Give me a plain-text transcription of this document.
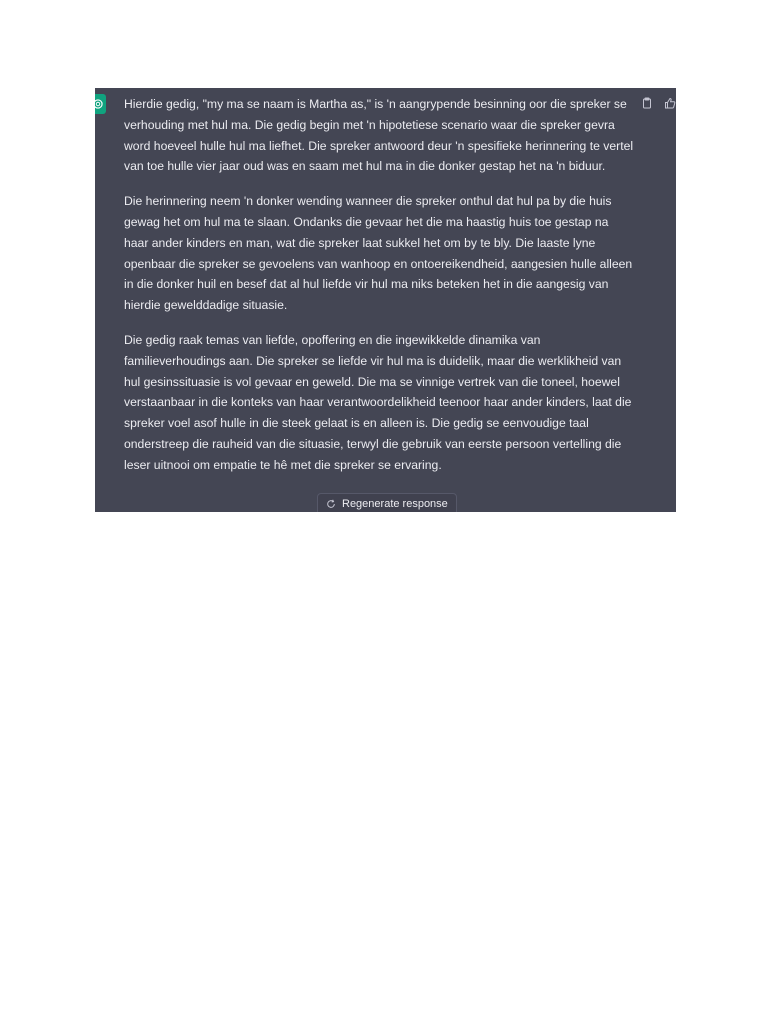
Hierdie gedig, "my ma se naam is Martha as," is 'n aangrypende besinning oor die spreker se verhouding met hul ma. Die gedig begin met 'n hipotetiese scenario waar die spreker gevra word hoeveel hulle hul ma liefhet. Die spreker antwoord deur 'n spesifieke herinnering te vertel van toe hulle vier jaar oud was en saam met hul ma in die donker gestap het na 'n biduur.

Die herinnering neem 'n donker wending wanneer die spreker onthul dat hul pa by die huis gewag het om hul ma te slaan. Ondanks die gevaar het die ma haastig huis toe gestap na haar ander kinders en man, wat die spreker laat sukkel het om by te bly. Die laaste lyne openbaar die spreker se gevoelens van wanhoop en ontoereikendheid, aangesien hulle alleen in die donker huil en besef dat al hul liefde vir hul ma niks beteken het in die aangesig van hierdie gewelddadige situasie.

Die gedig raak temas van liefde, opoffering en die ingewikkelde dinamika van familieverhoudings aan. Die spreker se liefde vir hul ma is duidelik, maar die werklikheid van hul gesinssituasie is vol gevaar en geweld. Die ma se vinnige vertrek van die toneel, hoewel verstaanbaar in die konteks van haar verantwoordelikheid teenoor haar ander kinders, laat die spreker voel asof hulle in die steek gelaat is en alleen is. Die gedig se eenvoudige taal onderstreep die rauheid van die situasie, terwyl die gebruik van eerste persoon vertelling die leser uitnooi om empatie te hê met die spreker se ervaring.

Regenerate response
